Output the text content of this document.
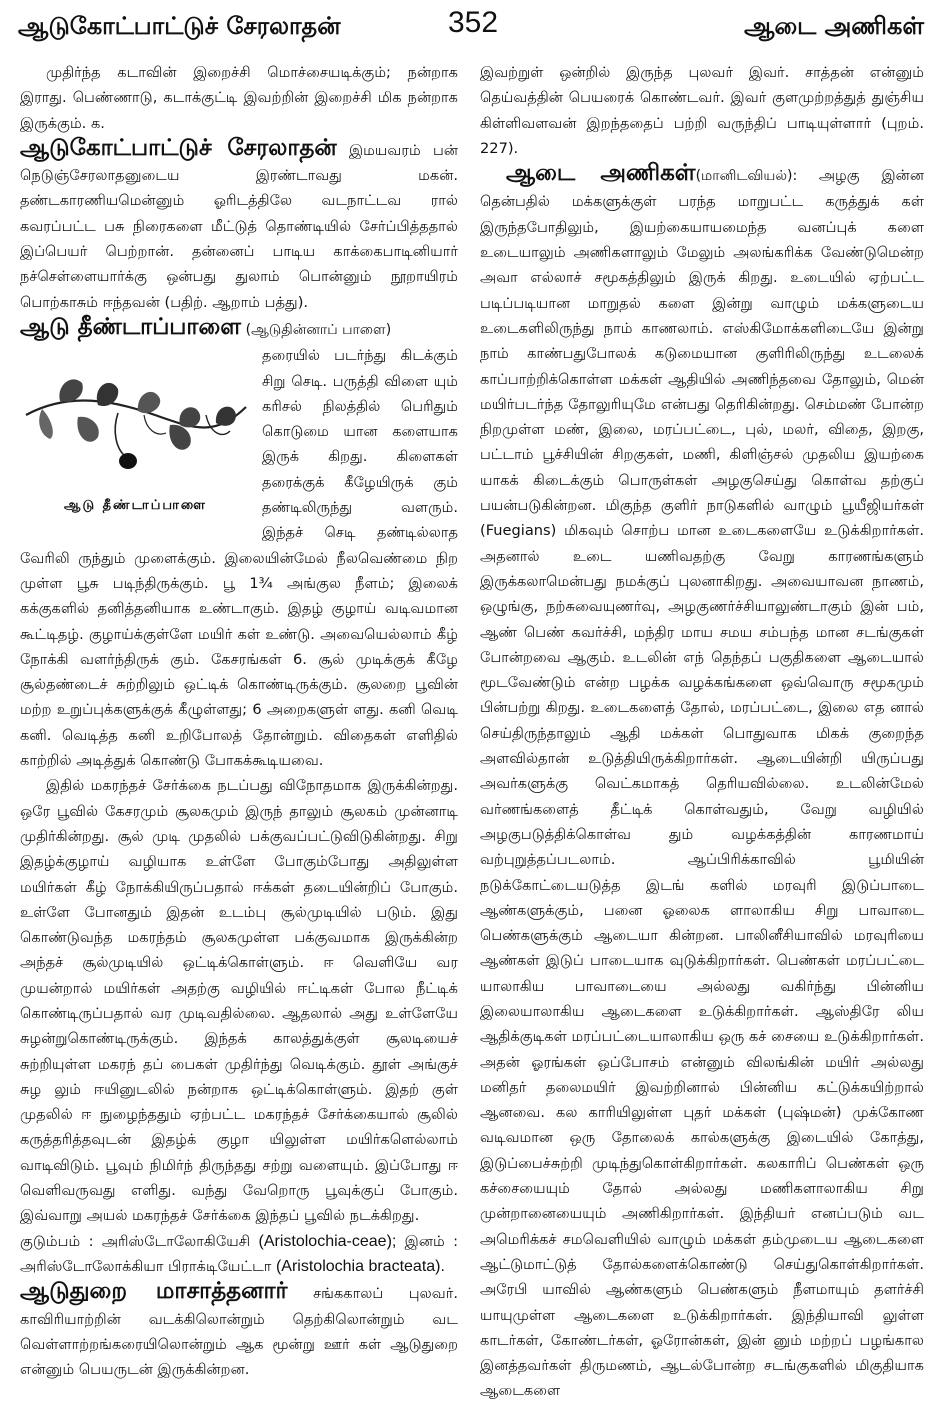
ஆடுகோட்பாட்டுச் சேரலாதன்	352	ஆடை அணிகள்

முதிர்ந்த கடாவின் இறைச்சி மொச்சையடிக்கும்; நன்றாக இராது. பெண்ணாடு, கடாக்குட்டி இவற்றின் இறைச்சி மிக நன்றாக இருக்கும். க.

ஆடுகோட்பாட்டுச் சேரலாதன் இமயவரம் பன் நெடுஞ்சேரலாதனுடைய இரண்டாவது மகன். தண்டகாரணியமென்னும் ஓரிடத்திலே வடநாட்டவ ரால் கவரப்பட்ட பசு நிரைகளை மீட்டுத் தொண்டியில் சேர்ப்பித்ததால் இப்பெயர் பெற்றான். தன்னைப் பாடிய காக்கைபாடினியார் நச்செள்ளையார்க்கு ஒன்பது துலாம் பொன்னும் நூறாயிரம் பொற்காசும் ஈந்தவன் (பதிற். ஆறாம் பத்து).

ஆடு தீண்டாப்பாளை (ஆடுதின்னாப் பாளை)

ஆடு தீண்டாப்பாளை

தரையில் படர்ந்து கிடக்கும் சிறு செடி. பருத்தி விளை யும் கரிசல் நிலத்தில் பெரிதும் கொடுமை யான களையாக இருக் கிறது. கிளைகள் தரைக்குக் கீழேயிருக் கும் தண்டிலிருந்து வளரும். இந்தச் செடி தண்டில்லாத வேரிலி ருந்தும் முளைக்கும். இலையின்மேல் நீலவெண்மை நிற முள்ள பூசு படிந்திருக்கும். பூ 1¾ அங்குல நீளம்; இலைக் கக்குகளில் தனித்தனியாக உண்டாகும். இதழ் குழாய் வடிவமான கூட்டிதழ். குழாய்க்குள்ளே மயிர் கள் உண்டு. அவையெல்லாம் கீழ் நோக்கி வளர்ந்திருக் கும். கேசரங்கள் 6. சூல் முடிக்குக் கீழே சூல்தண்டைச் சுற்றிலும் ஒட்டிக் கொண்டிருக்கும். சூலறை பூவின் மற்ற உறுப்புக்களுக்குக் கீழுள்ளது; 6 அறைகளுள் ளது. கனி வெடி கனி. வெடித்த கனி உறிபோலத் தோன்றும். விதைகள் எளிதில் காற்றில் அடித்துக் கொண்டு போகக்கூடியவை.

இதில் மகரந்தச் சேர்க்கை நடப்பது விநோதமாக இருக்கின்றது. ஒரே பூவில் கேசரமும் சூலகமும் இருந் தாலும் சூலகம் முன்னாடி முதிர்கின்றது. சூல் முடி முதலில் பக்குவப்பட்டுவிடுகின்றது. சிறு இதழ்க்குழாய் வழியாக உள்ளே போகும்போது அதிலுள்ள மயிர்கள் கீழ் நோக்கியிருப்பதால் ஈக்கள் தடையின்றிப் போகும். உள்ளே போனதும் இதன் உடம்பு சூல்முடியில் படும். இது கொண்டுவந்த மகரந்தம் சூலகமுள்ள பக்குவமாக இருக்கின்ற அந்தச் சூல்முடியில் ஒட்டிக்கொள்ளும். ஈ வெளியே வர முயன்றால் மயிர்கள் அதற்கு வழியில் ஈட்டிகள் போல நீட்டிக் கொண்டிருப்பதால் வர முடிவதில்லை. ஆதலால் அது உள்ளேயே சுழன்றுகொண்டிருக்கும். இந்தக் காலத்துக்குள் சூலடியைச் சுற்றியுள்ள மகரந் தப் பைகள் முதிர்ந்து வெடிக்கும். தூள் அங்குச் சுழ லும் ஈயினுடலில் நன்றாக ஒட்டிக்கொள்ளும். இதற் குள் முதலில் ஈ நுழைந்ததும் ஏற்பட்ட மகரந்தச் சேர்க்கையால் சூலில் கருத்தரித்தவுடன் இதழ்க் குழா யிலுள்ள மயிர்களெல்லாம் வாடிவிடும். பூவும் நிமிர்ந் திருந்தது சற்று வளையும். இப்போது ஈ வெளிவருவது எளிது. வந்து வேறொரு பூவுக்குப் போகும். இவ்வாறு அயல் மகரந்தச் சேர்க்கை இந்தப் பூவில் நடக்கிறது.

குடும்பம் : அரிஸ்டோலோகியேசி (Aristolochia-ceae); இனம் : அரிஸ்டோலோக்கியா பிராக்டியேட்டா (Aristolochia bracteata).

ஆடுதுறை மாசாத்தனார் சங்ககாலப் புலவர். காவிரியாற்றின் வடக்கிலொன்றும் தெற்கிலொன்றும் வட வெள்ளாற்றங்கரையிலொன்றும் ஆக மூன்று ஊர் கள் ஆடுதுறை என்னும் பெயருடன் இருக்கின்றன.

இவற்றுள் ஒன்றில் இருந்த புலவர் இவர். சாத்தன் என்னும் தெய்வத்தின் பெயரைக் கொண்டவர். இவர் குளமுற்றத்துத் துஞ்சிய கிள்ளிவளவன் இறந்ததைப் பற்றி வருந்திப் பாடியுள்ளார் (புறம். 227).

ஆடை அணிகள்(மானிடவியல்): அழகு இன்ன தென்பதில் மக்களுக்குள் பரந்த மாறுபட்ட கருத்துக் கள் இருந்தபோதிலும், இயற்கையாயமைந்த வனப்புக் களை உடையாலும் அணிகளாலும் மேலும் அலங்கரிக்க வேண்டுமென்ற அவா எல்லாச் சமூகத்திலும் இருக் கிறது. உடையில் ஏற்பட்ட படிப்படியான மாறுதல் களை இன்று வாழும் மக்களுடைய உடைகளிலிருந்து நாம் காணலாம். எஸ்கிமோக்களிடையே இன்று நாம் காண்பதுபோலக் கடுமையான குளிரிலிருந்து உடலைக் காப்பாற்றிக்கொள்ள மக்கள் ஆதியில் அணிந்தவை தோலும், மென் மயிர்படர்ந்த தோலுரியுமே என்பது தெரிகின்றது. செம்மண் போன்ற நிறமுள்ள மண், இலை, மரப்பட்டை, புல், மலர், விதை, இறகு, பட்டாம் பூச்சியின் சிறகுகள், மணி, கிளிஞ்சல் முதலிய இயற்கை யாகக் கிடைக்கும் பொருள்கள் அழகுசெய்து கொள்வ தற்குப் பயன்படுகின்றன. மிகுந்த குளிர் நாடுகளில் வாழும் பூயீஜியர்கள் (Fuegians) மிகவும் சொற்ப மான உடைகளையே உடுக்கிறார்கள். அதனால் உடை யணிவதற்கு வேறு காரணங்களும் இருக்கலாமென்பது நமக்குப் புலனாகிறது. அவையாவன நாணம், ஒழுங்கு, நற்சுவையுணர்வு, அழகுணர்ச்சியாலுண்டாகும் இன் பம், ஆண் பெண் கவர்ச்சி, மந்திர மாய சமய சம்பந்த மான சடங்குகள் போன்றவை ஆகும். உடலின் எந் தெந்தப் பகுதிகளை ஆடையால் மூடவேண்டும் என்ற பழக்க வழக்கங்களை ஒவ்வொரு சமூகமும் பின்பற்று கிறது. உடைகளைத் தோல், மரப்பட்டை, இலை எத னால் செய்திருந்தாலும் ஆதி மக்கள் பொதுவாக மிகக் குறைந்த அளவில்தான் உடுத்தியிருக்கிறார்கள். ஆடையின்றி யிருப்பது அவர்களுக்கு வெட்கமாகத் தெரியவில்லை. உடலின்மேல் வர்ணங்களைத் தீட்டிக் கொள்வதும், வேறு வழியில் அழகுபடுத்திக்கொள்வ தும் வழக்கத்தின் காரணமாய் வற்புறுத்தப்படலாம். ஆப்பிரிக்காவில் பூமியின் நடுக்கோட்டையடுத்த இடங் களில் மரவுரி இடுப்பாடை ஆண்களுக்கும், பனை ஓலைக ளாலாகிய சிறு பாவாடை பெண்களுக்கும் ஆடையா கின்றன. பாலினீசியாவில் மரவுரியை ஆண்கள் இடுப் பாடையாக வுடுக்கிறார்கள். பெண்கள் மரப்பட்டை யாலாகிய பாவாடையை அல்லது வகிர்ந்து பின்னிய இலையாலாகிய ஆடைகளை உடுக்கிறார்கள். ஆஸ்திரே லிய ஆதிக்குடிகள் மரப்பட்டையாலாகிய ஒரு கச் சையை உடுக்கிறார்கள். அதன் ஓரங்கள் ஒப்போசம் என்னும் விலங்கின் மயிர் அல்லது மனிதர் தலைமயிர் இவற்றினால் பின்னிய கட்டுக்கயிற்றால் ஆனவை. கல காரியிலுள்ள புதர் மக்கள் (புஷ்மன்) முக்கோண வடிவமான ஒரு தோலைக் கால்களுக்கு இடையில் கோத்து, இடுப்பைச்சுற்றி முடிந்துகொள்கிறார்கள். கலகாரிப் பெண்கள் ஒரு கச்சையையும் தோல் அல்லது மணிகளாலாகிய சிறு முன்றானையையும் அணிகிறார்கள். இந்தியர் எனப்படும் வட அமெரிக்கச் சமவெளியில் வாழும் மக்கள் தம்முடைய ஆடைகளை ஆட்டுமாட்டுத் தோல்களைக்கொண்டு செய்துகொள்கிறார்கள். அரேபி யாவில் ஆண்களும் பெண்களும் நீளமாயும் தளர்ச்சி யாயுமுள்ள ஆடைகளை உடுக்கிறார்கள். இந்தியாவி லுள்ள காடர்கள், கோண்டர்கள், ஓரோன்கள், இன் னும் மற்றப் பழங்கால இனத்தவர்கள் திருமணம், ஆடல்போன்ற சடங்குகளில் மிகுதியாக ஆடைகளை
